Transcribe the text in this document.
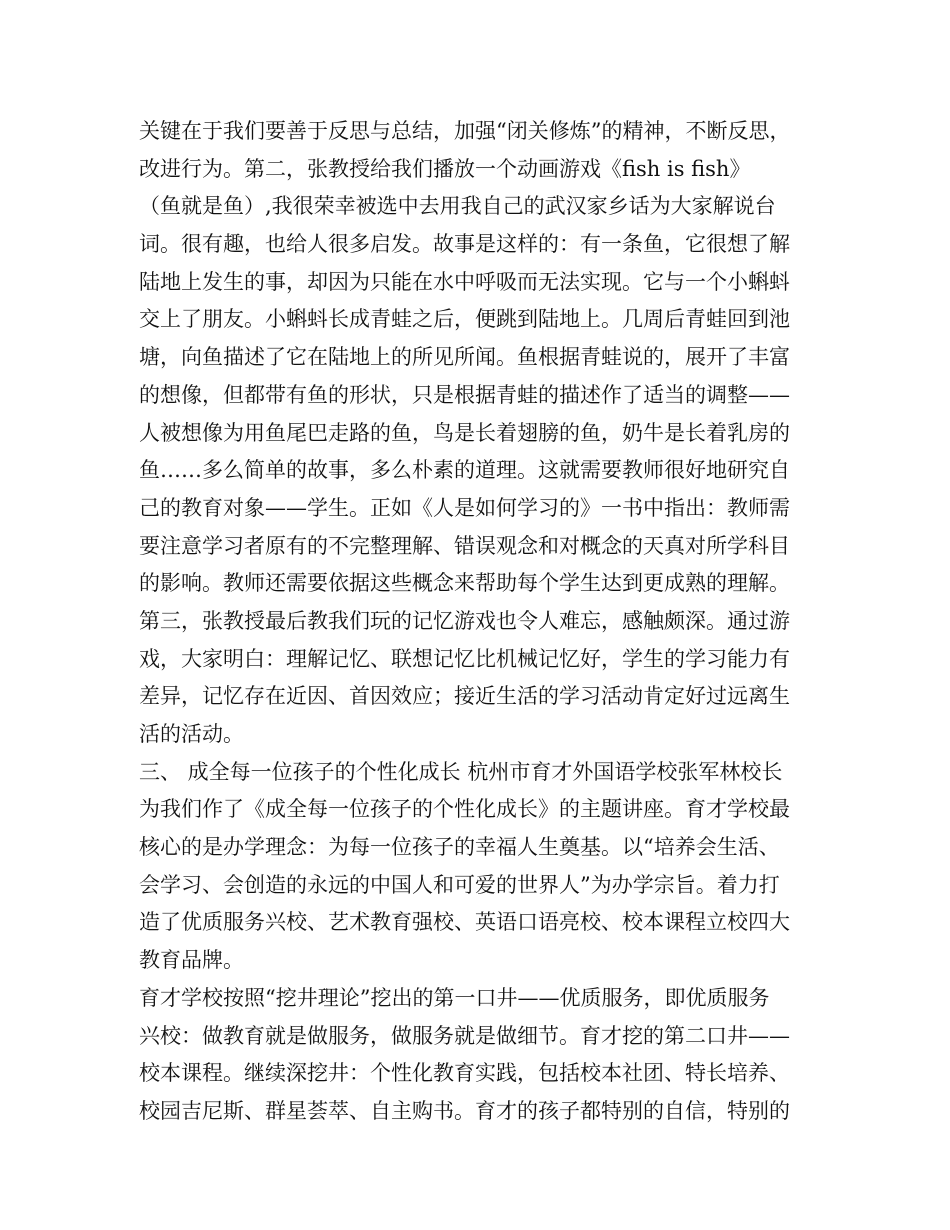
关键在于我们要善于反思与总结，加强“闭关修炼”的精神，不断反思，
改进行为。第二，张教授给我们播放一个动画游戏《fish is fish》
（鱼就是鱼）,我很荣幸被选中去用我自己的武汉家乡话为大家解说台
词。很有趣，也给人很多启发。故事是这样的：有一条鱼，它很想了解
陆地上发生的事，却因为只能在水中呼吸而无法实现。它与一个小蝌蚪
交上了朋友。小蝌蚪长成青蛙之后，便跳到陆地上。几周后青蛙回到池
塘，向鱼描述了它在陆地上的所见所闻。鱼根据青蛙说的，展开了丰富
的想像，但都带有鱼的形状，只是根据青蛙的描述作了适当的调整——
人被想像为用鱼尾巴走路的鱼，鸟是长着翅膀的鱼，奶牛是长着乳房的
鱼……多么简单的故事，多么朴素的道理。这就需要教师很好地研究自
己的教育对象——学生。正如《人是如何学习的》一书中指出：教师需
要注意学习者原有的不完整理解、错误观念和对概念的天真对所学科目
的影响。教师还需要依据这些概念来帮助每个学生达到更成熟的理解。
第三，张教授最后教我们玩的记忆游戏也令人难忘，感触颇深。通过游
戏，大家明白：理解记忆、联想记忆比机械记忆好，学生的学习能力有
差异，记忆存在近因、首因效应；接近生活的学习活动肯定好过远离生
活的活动。
三、 成全每一位孩子的个性化成长 杭州市育才外国语学校张军林校长
为我们作了《成全每一位孩子的个性化成长》的主题讲座。育才学校最
核心的是办学理念：为每一位孩子的幸福人生奠基。以“培养会生活、
会学习、会创造的永远的中国人和可爱的世界人”为办学宗旨。着力打
造了优质服务兴校、艺术教育强校、英语口语亮校、校本课程立校四大
教育品牌。
育才学校按照“挖井理论”挖出的第一口井——优质服务，即优质服务
兴校：做教育就是做服务，做服务就是做细节。育才挖的第二口井——
校本课程。继续深挖井：个性化教育实践，包括校本社团、特长培养、
校园吉尼斯、群星荟萃、自主购书。育才的孩子都特别的自信，特别的
